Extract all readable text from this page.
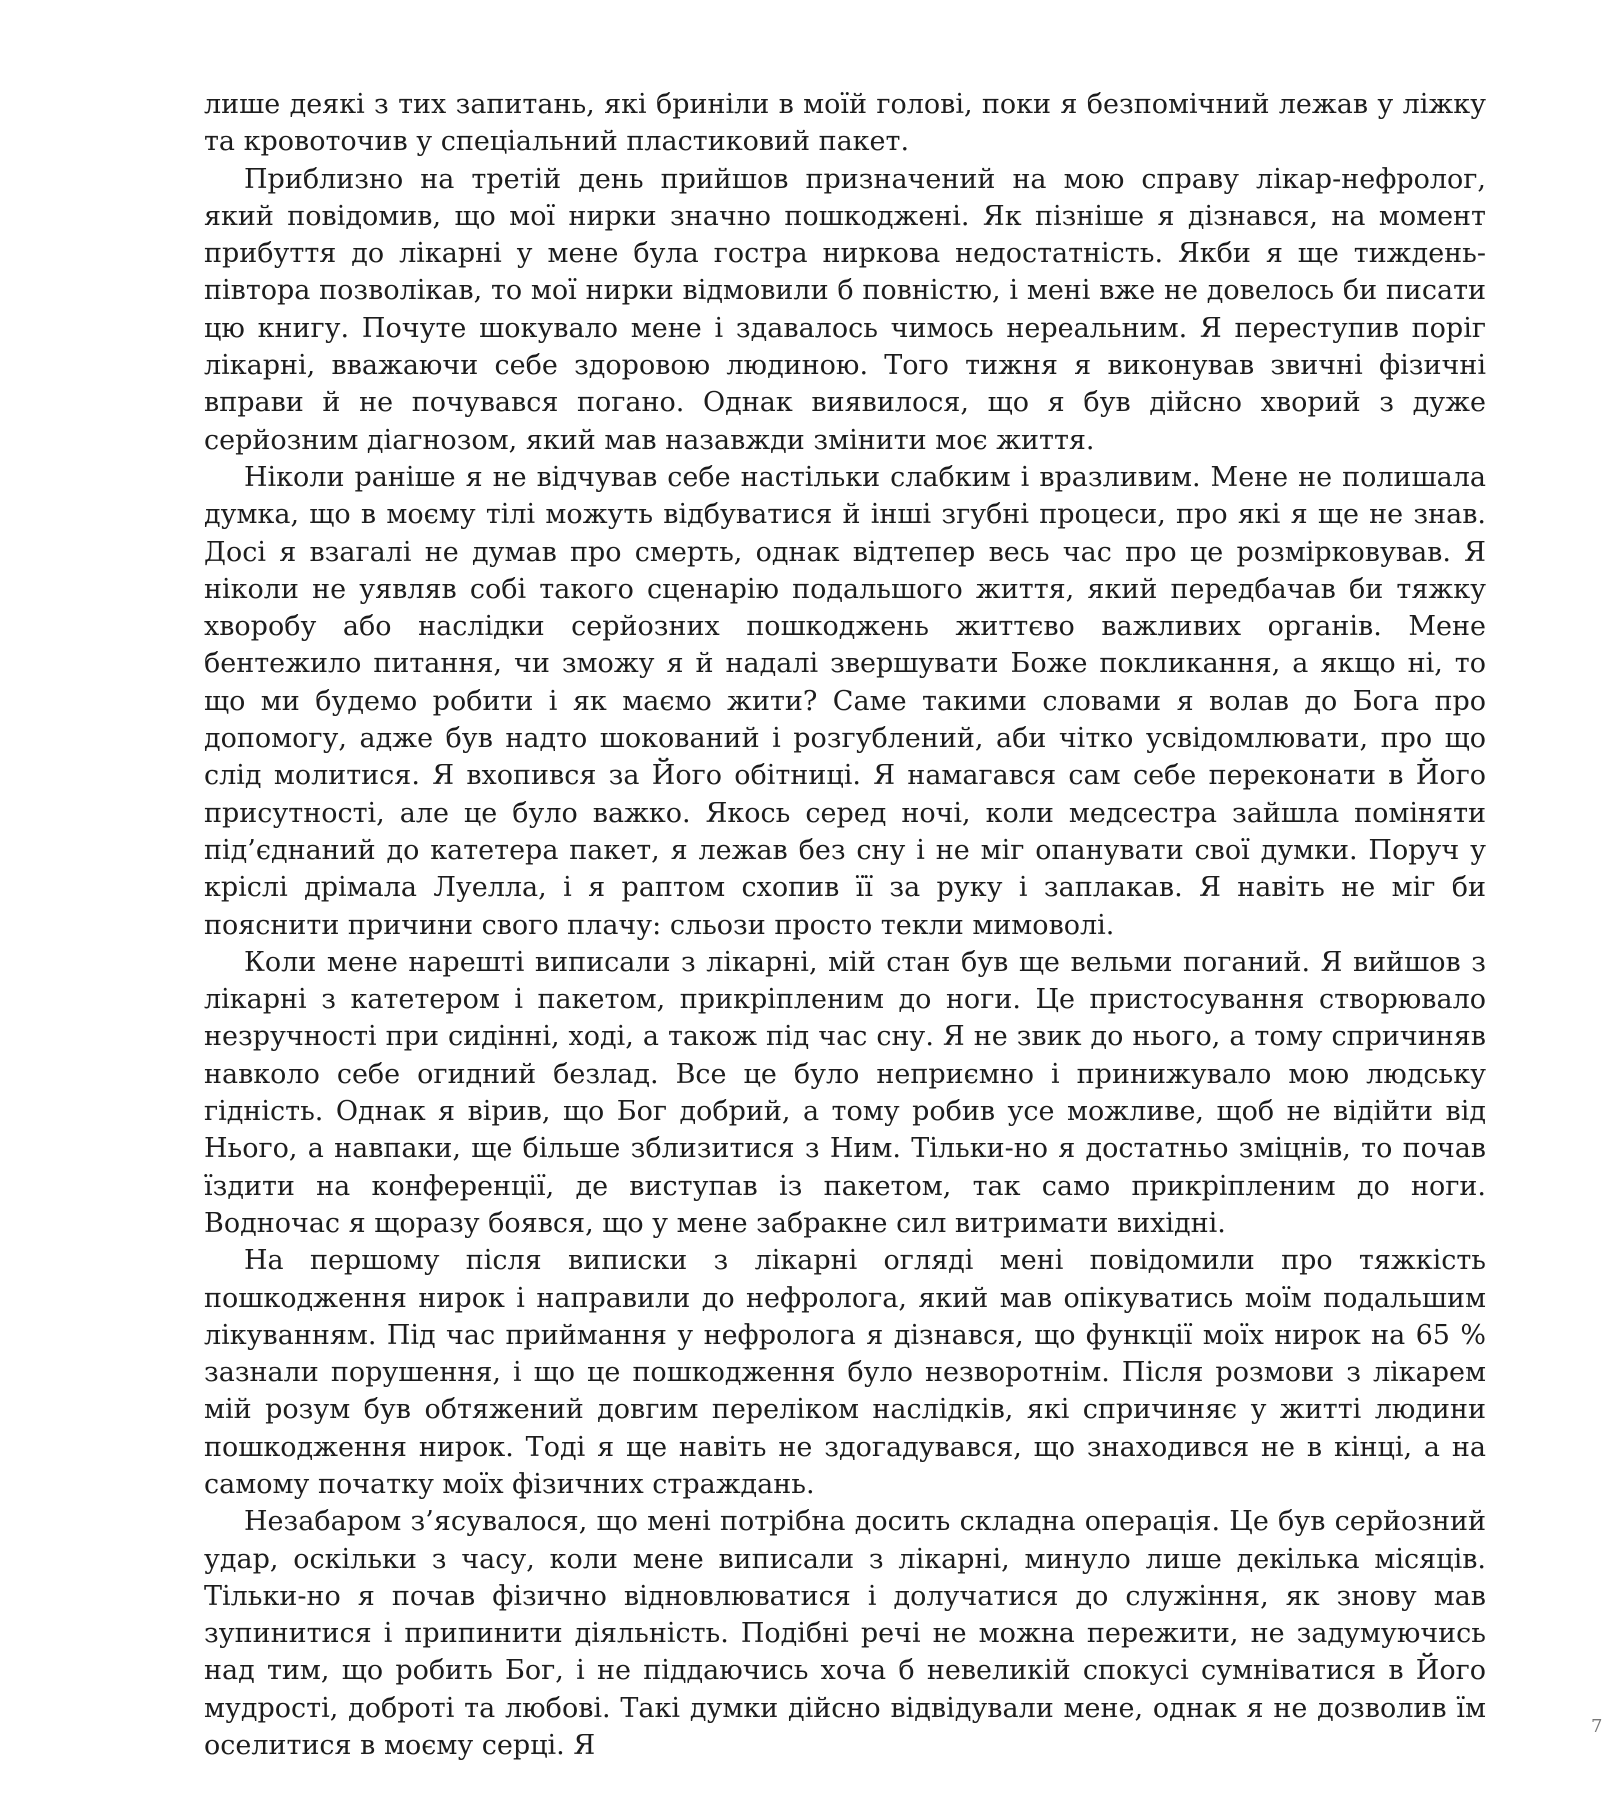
лише деякі з тих запитань, які бриніли в моїй голові, поки я безпомічний лежав у ліжку та кровоточив у спеціальний пластиковий пакет.

Приблизно на третій день прийшов призначений на мою справу лікар-нефролог, який повідомив, що мої нирки значно пошкоджені. Як пізніше я дізнався, на момент прибуття до лікарні у мене була гостра ниркова недостатність. Якби я ще тиждень-півтора позволікав, то мої нирки відмовили б повністю, і мені вже не довелось би писати цю книгу. Почуте шокувало мене і здавалось чимось нереальним. Я переступив поріг лікарні, вважаючи себе здоровою людиною. Того тижня я виконував звичні фізичні вправи й не почувався погано. Однак виявилося, що я був дійсно хворий з дуже серйозним діагнозом, який мав назавжди змінити моє життя.

Ніколи раніше я не відчував себе настільки слабким і вразливим. Мене не полишала думка, що в моєму тілі можуть відбуватися й інші згубні процеси, про які я ще не знав. Досі я взагалі не думав про смерть, однак відтепер весь час про це розмірковував. Я ніколи не уявляв собі такого сценарію подальшого життя, який передбачав би тяжку хворобу або наслідки серйозних пошкоджень життєво важливих органів. Мене бентежило питання, чи зможу я й надалі звершувати Боже покликання, а якщо ні, то що ми будемо робити і як маємо жити? Саме такими словами я волав до Бога про допомогу, адже був надто шокований і розгублений, аби чітко усвідомлювати, про що слід молитися. Я вхопився за Його обітниці. Я намагався сам себе переконати в Його присутності, але це було важко. Якось серед ночі, коли медсестра зайшла поміняти під’єднаний до катетера пакет, я лежав без сну і не міг опанувати свої думки. Поруч у кріслі дрімала Луелла, і я раптом схопив її за руку і заплакав. Я навіть не міг би пояснити причини свого плачу: сльози просто текли мимоволі.

Коли мене нарешті виписали з лікарні, мій стан був ще вельми поганий. Я вийшов з лікарні з катетером і пакетом, прикріпленим до ноги. Це пристосування створювало незручності при сидінні, ході, а також під час сну. Я не звик до нього, а тому спричиняв навколо себе огидний безлад. Все це було неприємно і принижувало мою людську гідність. Однак я вірив, що Бог добрий, а тому робив усе можливе, щоб не відійти від Нього, а навпаки, ще більше зблизитися з Ним. Тільки-но я достатньо зміцнів, то почав їздити на конференції, де виступав із пакетом, так само прикріпленим до ноги. Водночас я щоразу боявся, що у мене забракне сил витримати вихідні.

На першому після виписки з лікарні огляді мені повідомили про тяжкість пошкодження нирок і направили до нефролога, який мав опікуватись моїм подальшим лікуванням. Під час приймання у нефролога я дізнався, що функції моїх нирок на 65 % зазнали порушення, і що це пошкодження було незворотнім. Після розмови з лікарем мій розум був обтяжений довгим переліком наслідків, які спричиняє у житті людини пошкодження нирок. Тоді я ще навіть не здогадувався, що знаходився не в кінці, а на самому початку моїх фізичних страждань.

Незабаром з’ясувалося, що мені потрібна досить складна операція. Це був серйозний удар, оскільки з часу, коли мене виписали з лікарні, минуло лише декілька місяців. Тільки-но я почав фізично відновлюватися і долучатися до служіння, як знову мав зупинитися і припинити діяльність. Подібні речі не можна пережити, не задумуючись над тим, що робить Бог, і не піддаючись хоча б невеликій спокусі сумніватися в Його мудрості, доброті та любові. Такі думки дійсно відвідували мене, однак я не дозволив їм оселитися в моєму серці. Я

7
